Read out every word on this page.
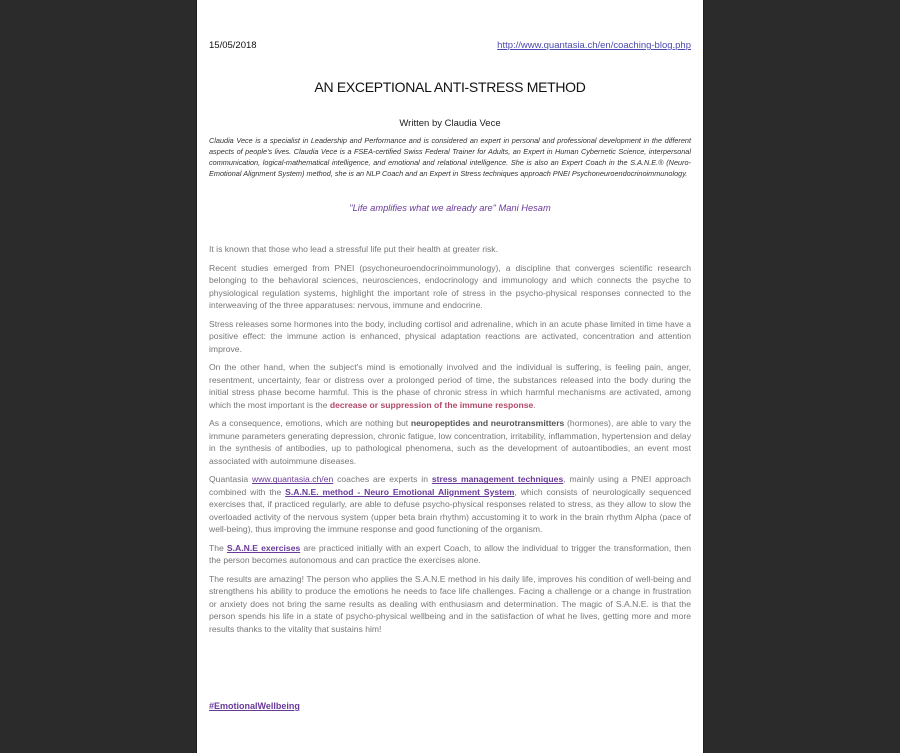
15/05/2018	http://www.quantasia.ch/en/coaching-blog.php
AN EXCEPTIONAL ANTI-STRESS METHOD
Written by Claudia Vece

Claudia Vece is a specialist in Leadership and Performance and is considered an expert in personal and professional development in the different aspects of people's lives. Claudia Vece is a FSEA-certified Swiss Federal Trainer for Adults, an Expert in Human Cybernetic Science, interpersonal communication, logical-mathematical intelligence, and emotional and relational intelligence. She is also an Expert Coach in the S.A.N.E.® (Neuro-Emotional Alignment System) method, she is an NLP Coach and an Expert in Stress techniques approach PNEI Psychoneuroendocrinoimmunology.

"Life amplifies what we already are" Mani Hesam

It is known that those who lead a stressful life put their health at greater risk.

Recent studies emerged from PNEI (psychoneuroendocrinoimmunology), a discipline that converges scientific research belonging to the behavioral sciences, neurosciences, endocrinology and immunology and which connects the psyche to physiological regulation systems, highlight the important role of stress in the psycho-physical responses connected to the interweaving of the three apparatuses: nervous, immune and endocrine.

Stress releases some hormones into the body, including cortisol and adrenaline, which in an acute phase limited in time have a positive effect: the immune action is enhanced, physical adaptation reactions are activated, concentration and attention improve.

On the other hand, when the subject's mind is emotionally involved and the individual is suffering, is feeling pain, anger, resentment, uncertainty, fear or distress over a prolonged period of time, the substances released into the body during the initial stress phase become harmful. This is the phase of chronic stress in which harmful mechanisms are activated, among which the most important is the decrease or suppression of the immune response.

As a consequence, emotions, which are nothing but neuropeptides and neurotransmitters (hormones), are able to vary the immune parameters generating depression, chronic fatigue, low concentration, irritability, inflammation, hypertension and delay in the synthesis of antibodies, up to pathological phenomena, such as the development of autoantibodies, an event most associated with autoimmune diseases.

Quantasia www.quantasia.ch/en coaches are experts in stress management techniques, mainly using a PNEI approach combined with the S.A.N.E. method - Neuro Emotional Alignment System, which consists of neurologically sequenced exercises that, if practiced regularly, are able to defuse psycho-physical responses related to stress, as they allow to slow the overloaded activity of the nervous system (upper beta brain rhythm) accustoming it to work in the brain rhythm Alpha (pace of well-being), thus improving the immune response and good functioning of the organism.

The S.A.N.E exercises are practiced initially with an expert Coach, to allow the individual to trigger the transformation, then the person becomes autonomous and can practice the exercises alone.

The results are amazing! The person who applies the S.A.N.E method in his daily life, improves his condition of well-being and strengthens his ability to produce the emotions he needs to face life challenges. Facing a challenge or a change in frustration or anxiety does not bring the same results as dealing with enthusiasm and determination. The magic of S.A.N.E. is that the person spends his life in a state of psycho-physical wellbeing and in the satisfaction of what he lives, getting more and more results thanks to the vitality that sustains him!

#EmotionalWellbeing
